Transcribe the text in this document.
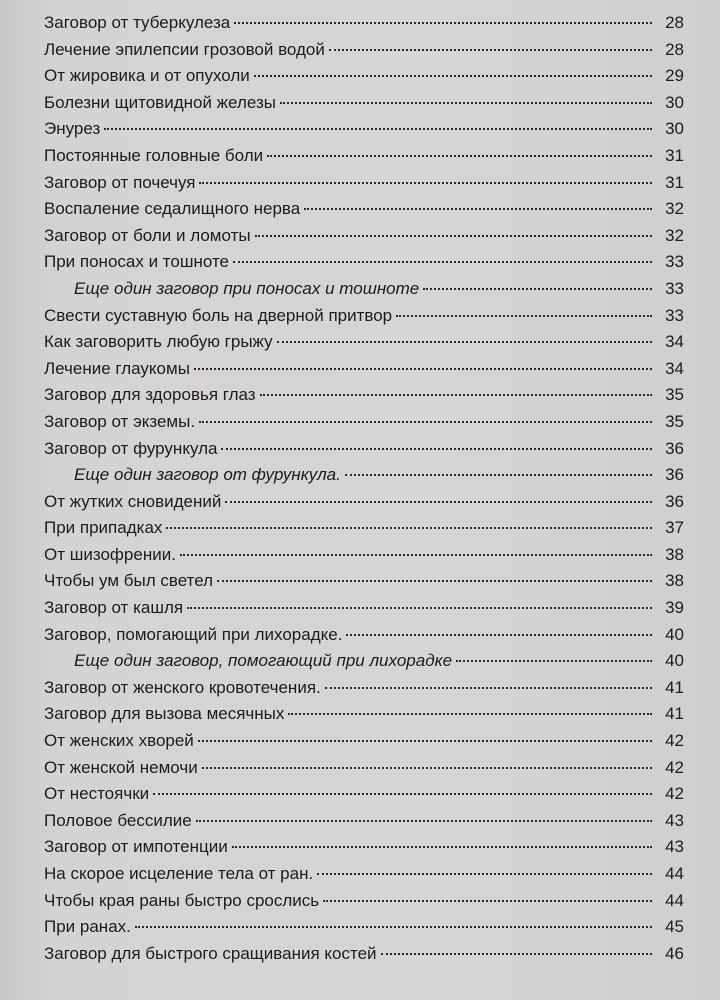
Заговор от туберкулеза	28
Лечение эпилепсии грозовой водой	28
От жировика и от опухоли	29
Болезни щитовидной железы	30
Энурез	30
Постоянные головные боли	31
Заговор от почечуя	31
Воспаление седалищного нерва	32
Заговор от боли и ломоты	32
При поносах и тошноте	33
Еще один заговор при поносах и тошноте	33
Свести суставную боль на дверной притвор	33
Как заговорить любую грыжу	34
Лечение глаукомы	34
Заговор для здоровья глаз	35
Заговор от экземы.	35
Заговор от фурункула	36
Еще один заговор от фурункула.	36
От жутких сновидений	36
При припадках	37
От шизофрении.	38
Чтобы ум был светел	38
Заговор от кашля	39
Заговор, помогающий при лихорадке.	40
Еще один заговор, помогающий при лихорадке	40
Заговор от женского кровотечения.	41
Заговор для вызова месячных	41
От женских хворей	42
От женской немочи	42
От нестоячки	42
Половое бессилие	43
Заговор от импотенции	43
На скорое исцеление тела от ран.	44
Чтобы края раны быстро срослись	44
При ранах.	45
Заговор для быстрого сращивания костей	46
